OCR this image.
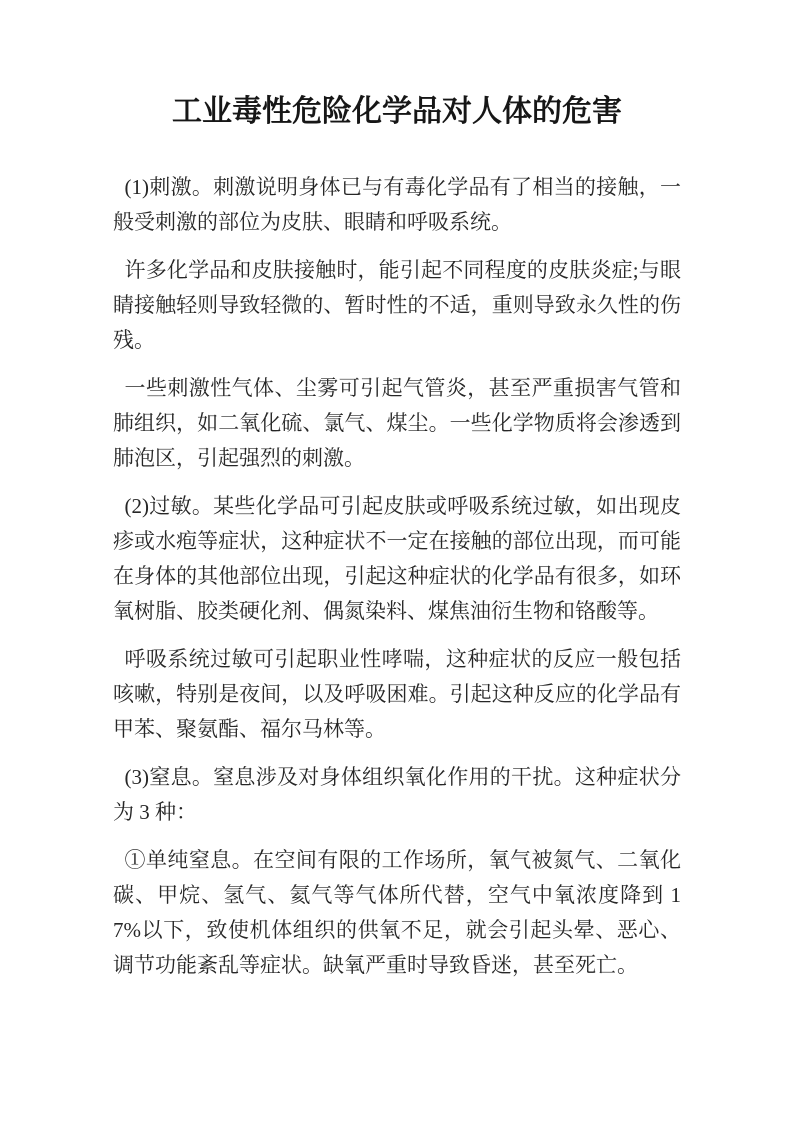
工业毒性危险化学品对人体的危害

(1)刺激。刺激说明身体已与有毒化学品有了相当的接触，一般受刺激的部位为皮肤、眼睛和呼吸系统。

许多化学品和皮肤接触时，能引起不同程度的皮肤炎症;与眼睛接触轻则导致轻微的、暂时性的不适，重则导致永久性的伤残。

一些刺激性气体、尘雾可引起气管炎，甚至严重损害气管和肺组织，如二氧化硫、氯气、煤尘。一些化学物质将会渗透到肺泡区，引起强烈的刺激。

(2)过敏。某些化学品可引起皮肤或呼吸系统过敏，如出现皮疹或水疱等症状，这种症状不一定在接触的部位出现，而可能在身体的其他部位出现，引起这种症状的化学品有很多，如环氧树脂、胶类硬化剂、偶氮染料、煤焦油衍生物和铬酸等。

呼吸系统过敏可引起职业性哮喘，这种症状的反应一般包括咳嗽，特别是夜间，以及呼吸困难。引起这种反应的化学品有甲苯、聚氨酯、福尔马林等。

(3)窒息。窒息涉及对身体组织氧化作用的干扰。这种症状分为 3 种：

①单纯窒息。在空间有限的工作场所，氧气被氮气、二氧化碳、甲烷、氢气、氦气等气体所代替，空气中氧浓度降到 17%以下，致使机体组织的供氧不足，就会引起头晕、恶心、调节功能紊乱等症状。缺氧严重时导致昏迷，甚至死亡。
